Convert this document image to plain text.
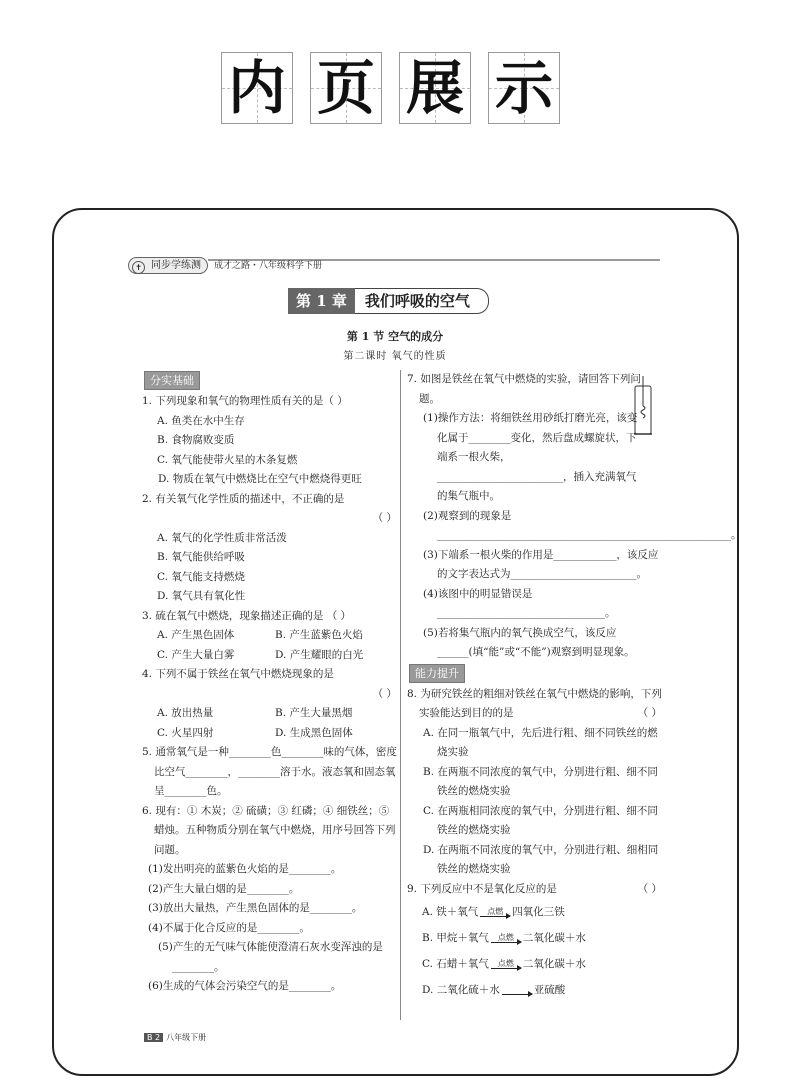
内 页 展 示
✝ 同步学练测	成才之路・八年级科学下册
第 1 章	我们呼吸的空气
第 1 节 空气的成分
第二课时 氧气的性质
分实基础
1. 下列现象和氧气的物理性质有关的是（ ）
A. 鱼类在水中生存
B. 食物腐败变质
C. 氧气能使带火星的木条复燃
D. 物质在氧气中燃烧比在空气中燃烧得更旺
2. 有关氧气化学性质的描述中，不正确的是
（ ）
A. 氧气的化学性质非常活泼
B. 氧气能供给呼吸
C. 氧气能支持燃烧
D. 氧气具有氧化性
3. 硫在氧气中燃烧，现象描述正确的是 （ ）
A. 产生黑色固体	B. 产生蓝紫色火焰
C. 产生大量白雾	D. 产生耀眼的白光
4. 下列不属于铁丝在氧气中燃烧现象的是
（ ）
A. 放出热量	B. 产生大量黑烟
C. 火星四射	D. 生成黑色固体
5. 通常氧气是一种________色________味的气体，密度比空气________，________溶于水。液态氧和固态氧呈________色。
6. 现有：① 木炭；② 硫磺；③ 红磷；④ 细铁丝；⑤蜡烛。五种物质分别在氧气中燃烧，用序号回答下列问题。
(1)发出明亮的蓝紫色火焰的是________。
(2)产生大量白烟的是________。
(3)放出大量热，产生黑色固体的是________。
(4)不属于化合反应的是________。
(5)产生的无气味气体能使澄清石灰水变浑浊的是________。
(6)生成的气体会污染空气的是________。
7. 如图是铁丝在氧气中燃烧的实验，请回答下列问题。
(1)操作方法：将细铁丝用砂纸打磨光亮，该变化属于________变化，然后盘成螺旋状，下端系一根火柴，________________________，插入充满氧气的集气瓶中。
(2)观察到的现象是________________________________________________________。
(3)下端系一根火柴的作用是____________，该反应的文字表达式为________________________。
(4)该图中的明显错误是________________________________。
(5)若将集气瓶内的氧气换成空气，该反应______(填“能”或“不能”)观察到明显现象。
能力提升
8. 为研究铁丝的粗细对铁丝在氧气中燃烧的影响，下列实验能达到目的的是	（ ）
A. 在同一瓶氧气中，先后进行粗、细不同铁丝的燃烧实验
B. 在两瓶不同浓度的氧气中，分别进行粗、细不同铁丝的燃烧实验
C. 在两瓶相同浓度的氧气中，分别进行粗、细不同铁丝的燃烧实验
D. 在两瓶不同浓度的氧气中，分别进行粗、细相同铁丝的燃烧实验
9. 下列反应中不是氧化反应的是	（ ）
A. 铁＋氧气 点燃 四氧化三铁
B. 甲烷＋氧气 点燃 二氧化碳＋水
C. 石蜡＋氧气 点燃 二氧化碳＋水
D. 二氧化硫＋水	亚硫酸
B 2 八年级下册
